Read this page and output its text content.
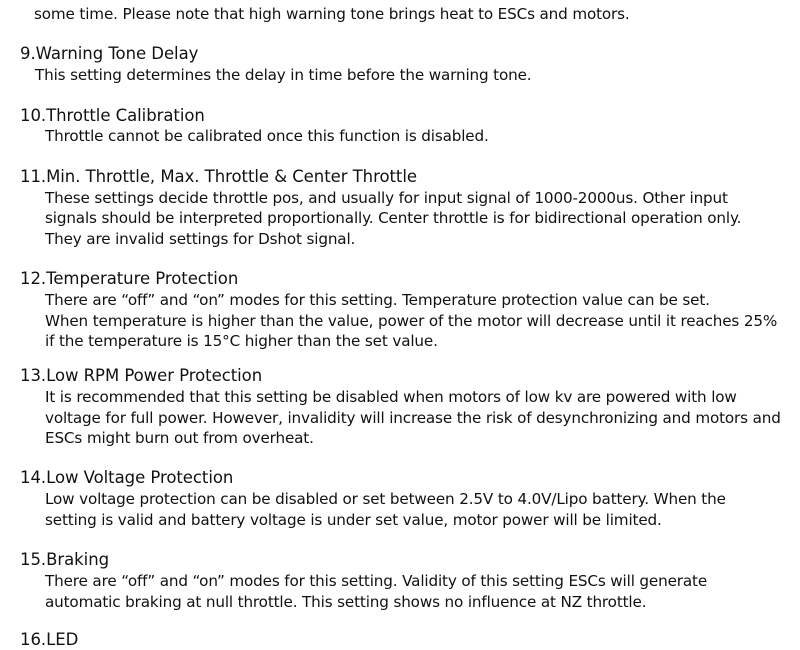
some time. Please note that high warning tone brings heat to ESCs and motors.
9.Warning Tone Delay
This setting determines the delay in time before the warning tone.
10.Throttle Calibration
Throttle cannot be calibrated once this function is disabled.
11.Min. Throttle, Max. Throttle & Center Throttle
These settings decide throttle pos, and usually for input signal of 1000-2000us. Other input
signals should be interpreted proportionally. Center throttle is for bidirectional operation only.
They are invalid settings for Dshot signal.
12.Temperature Protection
There are “off” and “on” modes for this setting. Temperature protection value can be set.
When temperature is higher than the value, power of the motor will decrease until it reaches 25%
if the temperature is 15°C higher than the set value.
13.Low RPM Power Protection
It is recommended that this setting be disabled when motors of low kv are powered with low
voltage for full power. However, invalidity will increase the risk of desynchronizing and motors and
ESCs might burn out from overheat.
14.Low Voltage Protection
Low voltage protection can be disabled or set between 2.5V to 4.0V/Lipo battery. When the
setting is valid and battery voltage is under set value, motor power will be limited.
15.Braking
There are “off” and “on” modes for this setting. Validity of this setting ESCs will generate
automatic braking at null throttle. This setting shows no influence at NZ throttle.
16.LED
